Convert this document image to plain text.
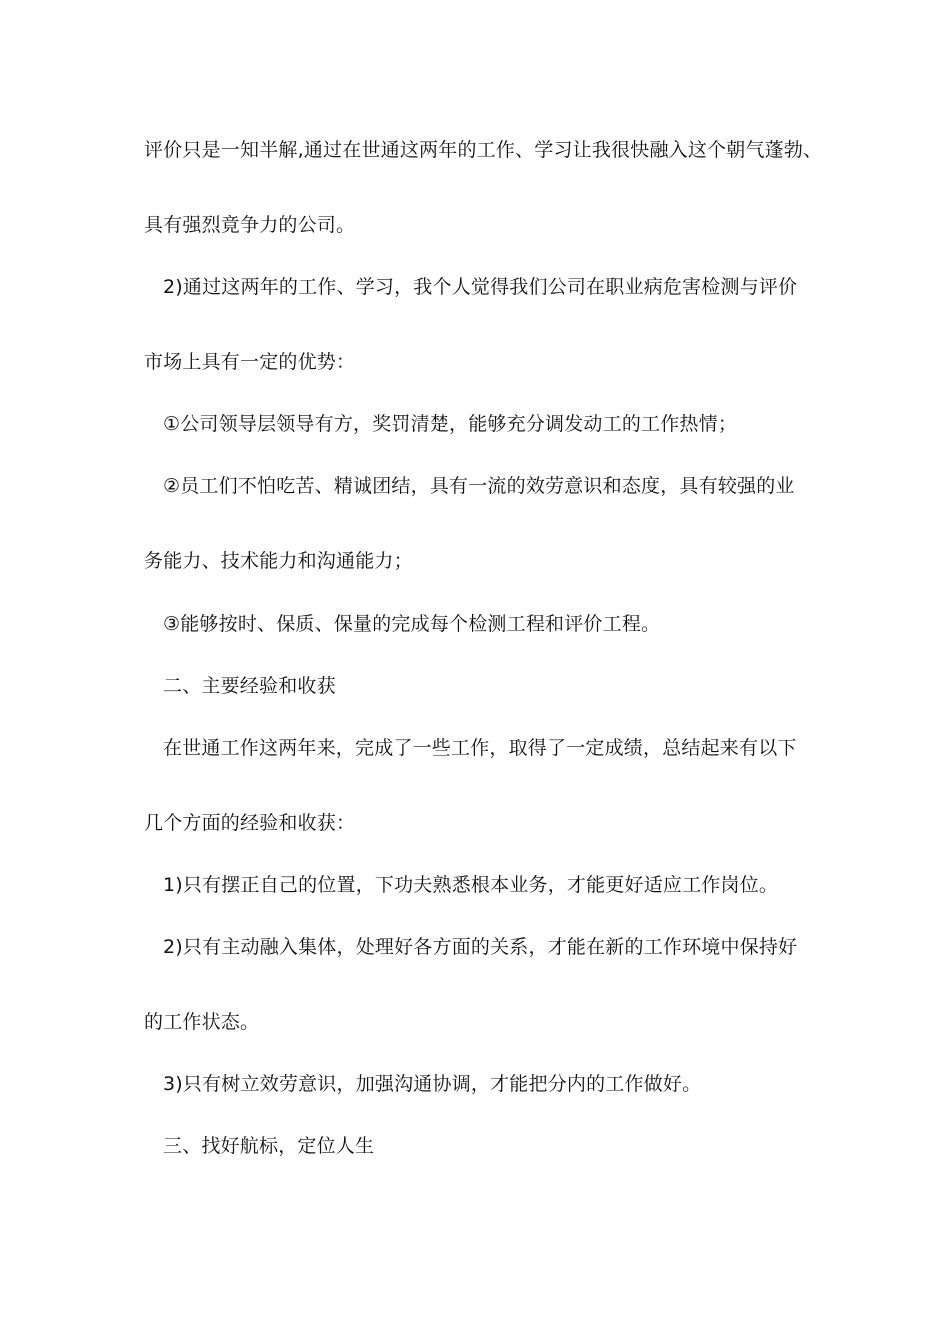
评价只是一知半解,通过在世通这两年的工作、学习让我很快融入这个朝气蓬勃、
具有强烈竟争力的公司。
2)通过这两年的工作、学习，我个人觉得我们公司在职业病危害检测与评价
市场上具有一定的优势：
①公司领导层领导有方，奖罚清楚，能够充分调发动工的工作热情；
②员工们不怕吃苦、精诚团结，具有一流的效劳意识和态度，具有较强的业
务能力、技术能力和沟通能力；
③能够按时、保质、保量的完成每个检测工程和评价工程。
二、主要经验和收获
在世通工作这两年来，完成了一些工作，取得了一定成绩，总结起来有以下
几个方面的经验和收获：
1)只有摆正自己的位置，下功夫熟悉根本业务，才能更好适应工作岗位。
2)只有主动融入集体，处理好各方面的关系，才能在新的工作环境中保持好
的工作状态。
3)只有树立效劳意识，加强沟通协调，才能把分内的工作做好。
三、找好航标，定位人生
